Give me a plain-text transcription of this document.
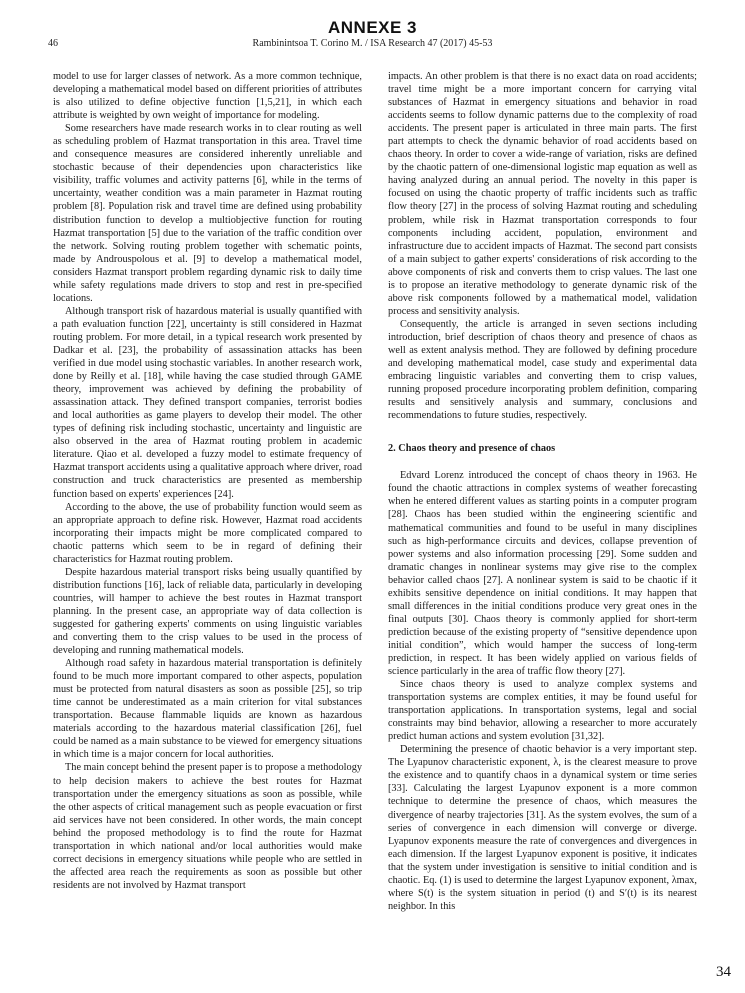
ANNEXE 3
46	Rambinintsoa T. Corino M. / ISA Research 47 (2017) 45-53

model to use for larger classes of network. As a more common technique, developing a mathematical model based on different priorities of attributes is also utilized to define objective function [1,5,21], in which each attribute is weighted by own weight of importance for modeling.

Some researchers have made research works in to clear routing as well as scheduling problem of Hazmat transportation in this area. Travel time and consequence measures are considered inherently unreliable and stochastic because of their dependencies upon characteristics like visibility, traffic volumes and activity patterns [6], while in the terms of uncertainty, weather condition was a main parameter in Hazmat routing problem [8]. Population risk and travel time are defined using probability distribution function to develop a multiobjective function for routing Hazmat transportation [5] due to the variation of the traffic condition over the network. Solving routing problem together with schematic points, made by Androuspolous et al. [9] to develop a mathematical model, considers Hazmat transport problem regarding dynamic risk to daily time while safety regulations made drivers to stop and rest in pre-specified locations.

Although transport risk of hazardous material is usually quantified with a path evaluation function [22], uncertainty is still considered in Hazmat routing problem. For more detail, in a typical research work presented by Dadkar et al. [23], the probability of assassination attacks has been verified in due model using stochastic variables. In another research work, done by Reilly et al. [18], while having the case studied through GAME theory, improvement was achieved by defining the probability of assassination attack. They defined transport companies, terrorist bodies and local authorities as game players to develop their model. The other types of defining risk including stochastic, uncertainty and linguistic are also observed in the area of Hazmat routing problem in academic literature. Qiao et al. developed a fuzzy model to estimate frequency of Hazmat transport accidents using a qualitative approach where driver, road construction and truck characteristics are presented as membership function based on experts' experiences [24].

According to the above, the use of probability function would seem as an appropriate approach to define risk. However, Hazmat road accidents incorporating their impacts might be more complicated compared to chaotic patterns which seem to be in regard of defining their characteristics for Hazmat routing problem.

Despite hazardous material transport risks being usually quantified by distribution functions [16], lack of reliable data, particularly in developing countries, will hamper to achieve the best routes in Hazmat transport planning. In the present case, an appropriate way of data collection is suggested for gathering experts' comments on using linguistic variables and converting them to the crisp values to be used in the process of developing and running mathematical models.

Although road safety in hazardous material transportation is definitely found to be much more important compared to other aspects, population must be protected from natural disasters as soon as possible [25], so trip time cannot be underestimated as a main criterion for vital substances transportation. Because flammable liquids are known as hazardous materials according to the hazardous material classification [26], fuel could be named as a main substance to be viewed for emergency situations in which time is a major concern for local authorities.

The main concept behind the present paper is to propose a methodology to help decision makers to achieve the best routes for Hazmat transportation under the emergency situations as soon as possible, while the other aspects of critical management such as people evacuation or first aid services have not been considered. In other words, the main concept behind the proposed methodology is to find the route for Hazmat transportation in which national and/or local authorities would make correct decisions in emergency situations while people who are settled in the affected area reach the requirements as soon as possible but other residents are not involved by Hazmat transport

impacts. An other problem is that there is no exact data on road accidents; travel time might be a more important concern for carrying vital substances of Hazmat in emergency situations and behavior in road accidents seems to follow dynamic patterns due to the complexity of road accidents. The present paper is articulated in three main parts. The first part attempts to check the dynamic behavior of road accidents based on chaos theory. In order to cover a wide-range of variation, risks are defined by the chaotic pattern of one-dimensional logistic map equation as well as having analyzed during an annual period. The novelty in this paper is focused on using the chaotic property of traffic incidents such as traffic flow theory [27] in the process of solving Hazmat routing and scheduling problem, while risk in Hazmat transportation corresponds to four components including accident, population, environment and infrastructure due to accident impacts of Hazmat. The second part consists of a main subject to gather experts' considerations of risk according to the above components of risk and converts them to crisp values. The last one is to propose an iterative methodology to generate dynamic risk of the above risk components followed by a mathematical model, validation process and sensitivity analysis.

Consequently, the article is arranged in seven sections including introduction, brief description of chaos theory and presence of chaos as well as extent analysis method. They are followed by defining procedure and developing mathematical model, case study and experimental data embracing linguistic variables and converting them to crisp values, running proposed procedure incorporating problem definition, comparing results and sensitively analysis and summary, conclusions and recommendations to future studies, respectively.

2. Chaos theory and presence of chaos

Edvard Lorenz introduced the concept of chaos theory in 1963. He found the chaotic attractions in complex systems of weather forecasting when he entered different values as starting points in a computer program [28]. Chaos has been studied within the engineering scientific and mathematical communities and found to be useful in many disciplines such as high-performance circuits and devices, collapse prevention of power systems and also information processing [29]. Some sudden and dramatic changes in nonlinear systems may give rise to the complex behavior called chaos [27]. A nonlinear system is said to be chaotic if it exhibits sensitive dependence on initial conditions. It may happen that small differences in the initial conditions produce very great ones in the final outputs [30]. Chaos theory is commonly applied for short-term prediction because of the existing property of “sensitive dependence upon initial condition”, which would hamper the success of long-term prediction, in respect. It has been widely applied on various fields of science particularly in the area of traffic flow theory [27].

Since chaos theory is used to analyze complex systems and transportation systems are complex entities, it may be found useful for transportation applications. In transportation systems, legal and social constraints may bind behavior, allowing a researcher to more accurately predict human actions and system evolution [31,32].

Determining the presence of chaotic behavior is a very important step. The Lyapunov characteristic exponent, λ, is the clearest measure to prove the existence and to quantify chaos in a dynamical system or time series [33]. Calculating the largest Lyapunov exponent is a more common technique to determine the presence of chaos, which measures the divergence of nearby trajectories [31]. As the system evolves, the sum of a series of convergence in each dimension will converge or diverge. Lyapunov exponents measure the rate of convergences and divergences in each dimension. If the largest Lyapunov exponent is positive, it indicates that the system under investigation is sensitive to initial condition and is chaotic. Eq. (1) is used to determine the largest Lyapunov exponent, λmax, where S(t) is the system situation in period (t) and S′(t) is its nearest neighbor. In this

34
